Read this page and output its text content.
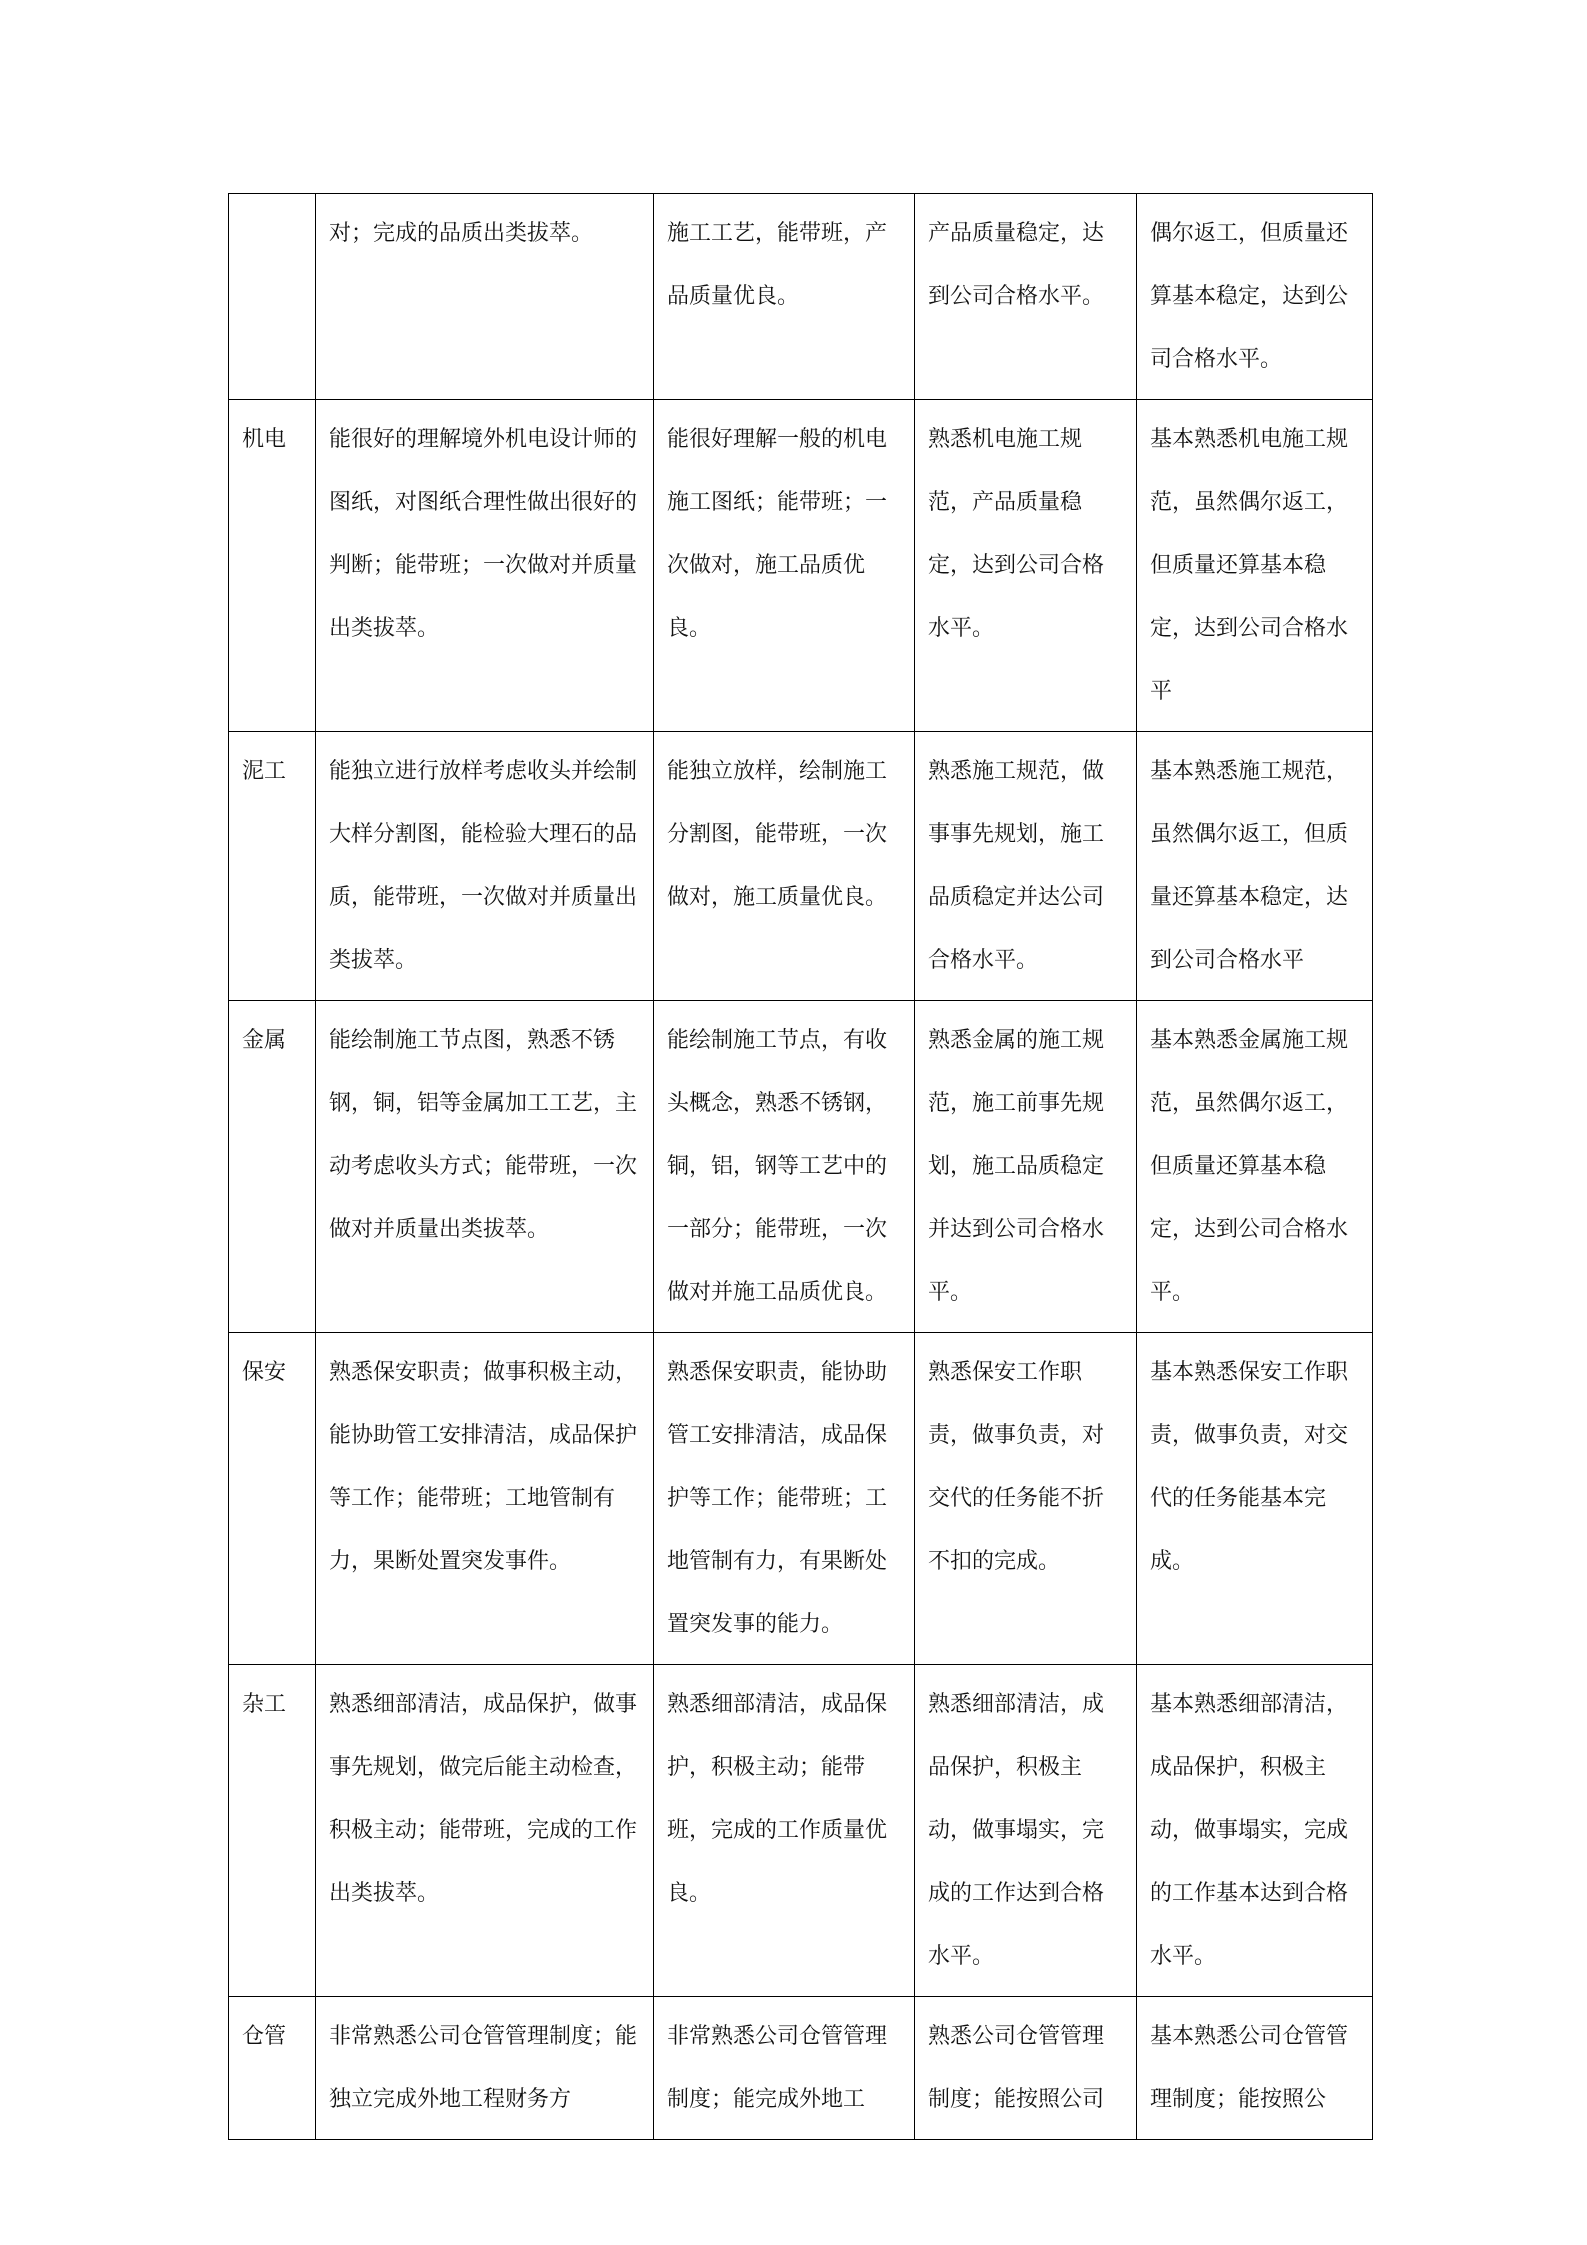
	对；完成的品质出类拔萃。	施工工艺，能带班，产品质量优良。	产品质量稳定，达到公司合格水平。	偶尔返工，但质量还算基本稳定，达到公司合格水平。

机电	能很好的理解境外机电设计师的图纸，对图纸合理性做出很好的判断；能带班；一次做对并质量出类拔萃。	能很好理解一般的机电施工图纸；能带班；一次做对，施工品质优良。	熟悉机电施工规范，产品质量稳定，达到公司合格水平。	基本熟悉机电施工规范，虽然偶尔返工，但质量还算基本稳定，达到公司合格水平

泥工	能独立进行放样考虑收头并绘制大样分割图，能检验大理石的品质，能带班，一次做对并质量出类拔萃。	能独立放样，绘制施工分割图，能带班，一次做对，施工质量优良。	熟悉施工规范，做事事先规划，施工品质稳定并达公司合格水平。	基本熟悉施工规范，虽然偶尔返工，但质量还算基本稳定，达到公司合格水平

金属	能绘制施工节点图，熟悉不锈钢，铜，铝等金属加工工艺，主动考虑收头方式；能带班，一次做对并质量出类拔萃。	能绘制施工节点，有收头概念，熟悉不锈钢，铜，铝，钢等工艺中的一部分；能带班，一次做对并施工品质优良。	熟悉金属的施工规范，施工前事先规划，施工品质稳定并达到公司合格水平。	基本熟悉金属施工规范，虽然偶尔返工，但质量还算基本稳定，达到公司合格水平。

保安	熟悉保安职责；做事积极主动，能协助管工安排清洁，成品保护等工作；能带班；工地管制有力，果断处置突发事件。	熟悉保安职责，能协助管工安排清洁，成品保护等工作；能带班；工地管制有力，有果断处置突发事的能力。	熟悉保安工作职责，做事负责，对交代的任务能不折不扣的完成。	基本熟悉保安工作职责，做事负责，对交代的任务能基本完成。

杂工	熟悉细部清洁，成品保护，做事事先规划，做完后能主动检查，积极主动；能带班，完成的工作出类拔萃。	熟悉细部清洁，成品保护，积极主动；能带班，完成的工作质量优良。	熟悉细部清洁，成品保护，积极主动，做事塌实，完成的工作达到合格水平。	基本熟悉细部清洁，成品保护，积极主动，做事塌实，完成的工作基本达到合格水平。

仓管	非常熟悉公司仓管管理制度；能独立完成外地工程财务方	非常熟悉公司仓管管理制度；能完成外地工	熟悉公司仓管管理制度；能按照公司	基本熟悉公司仓管管理制度；能按照公
